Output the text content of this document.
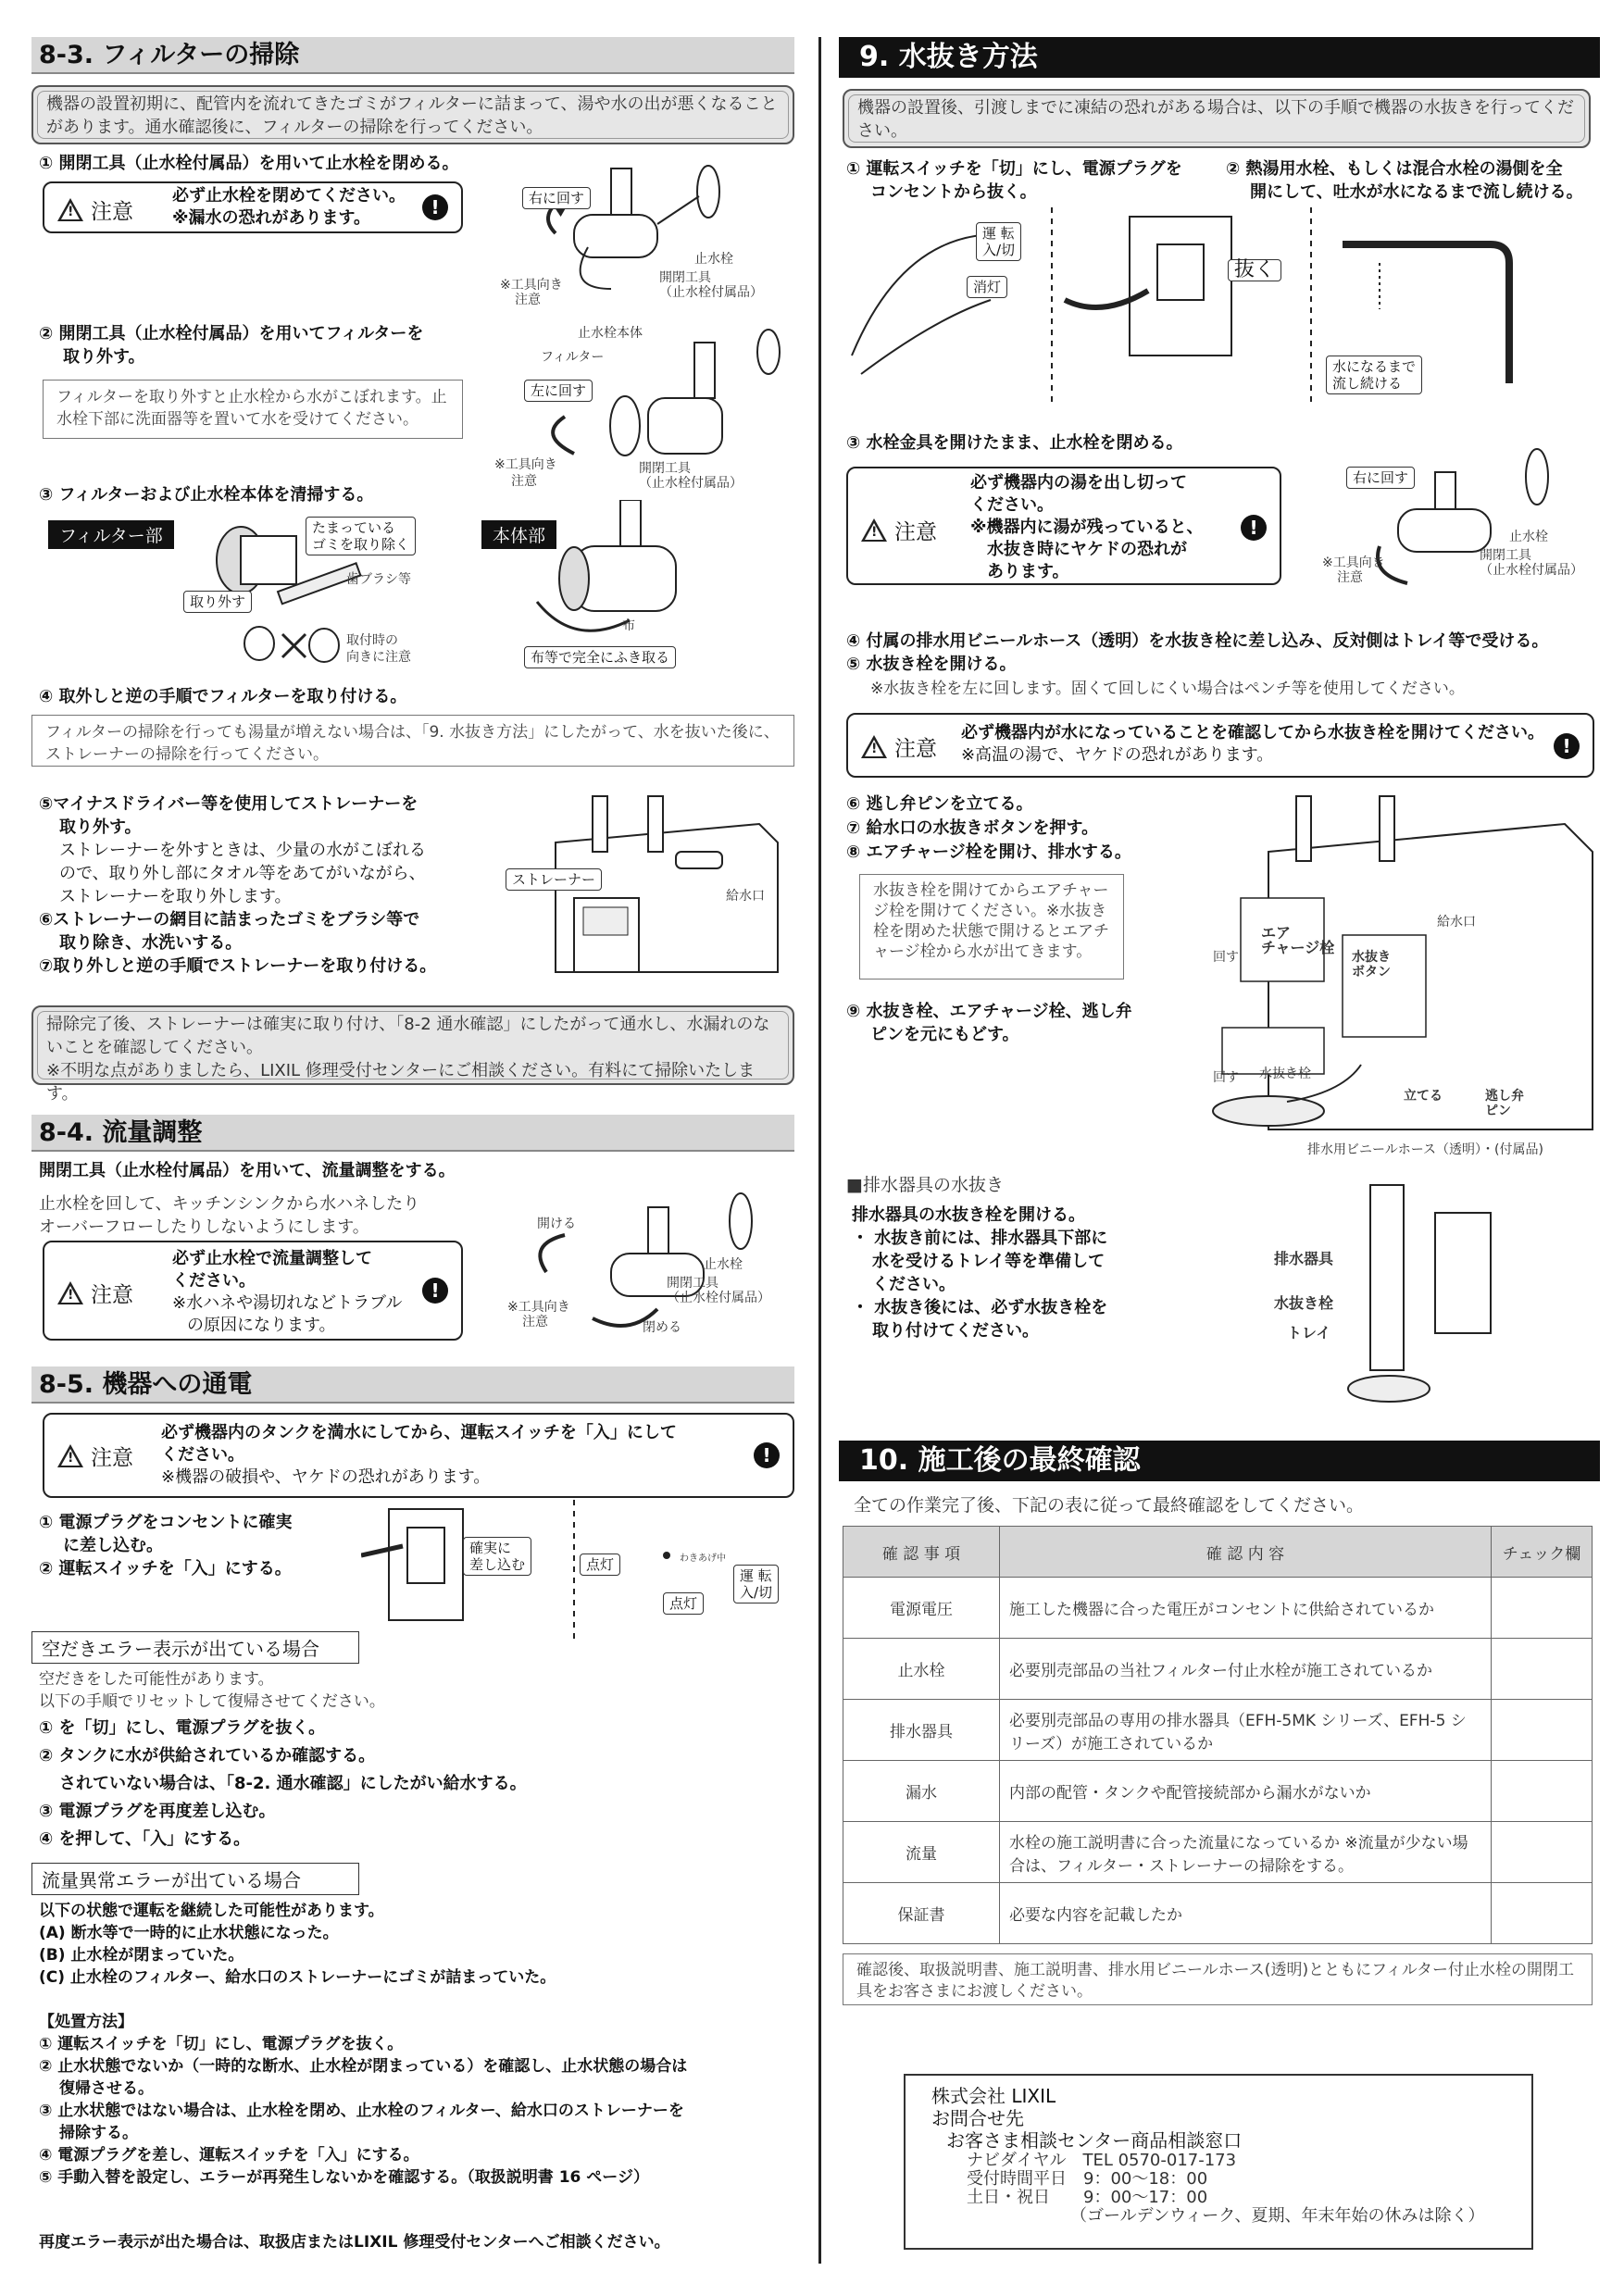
8-3. フィルターの掃除
機器の設置初期に、配管内を流れてきたゴミがフィルターに詰まって、湯や水の出が悪くなることがあります。通水確認後に、フィルターの掃除を行ってください。
① 開閉工具（止水栓付属品）を用いて止水栓を閉める。
!
注意
必ず止水栓を閉めてください。
※漏水の恐れがあります。	!	右に回す
止水栓
開閉工具
（止水栓付属品）
※工具向き
注意
② 開閉工具（止水栓付属品）を用いてフィルターを
取り外す。
フィルターを取り外すと止水栓から水がこぼれます。止水栓下部に洗面器等を置いて水を受けてください。
止水栓本体
フィルター
左に回す
※工具向き
注意
開閉工具
（止水栓付属品）
③ フィルターおよび止水栓本体を清掃する。
フィルター部	本体部
たまっている
ゴミを取り除く
歯ブラシ等
取り外す
取付時の
向きに注意
布
布等で完全にふき取る
④ 取外しと逆の手順でフィルターを取り付ける。
フィルターの掃除を行っても湯量が増えない場合は、「9. 水抜き方法」にしたがって、水を抜いた後に、ストレーナーの掃除を行ってください。
⑤マイナスドライバー等を使用してストレーナーを
取り外す。
ストレーナーを外すときは、少量の水がこぼれる
ので、取り外し部にタオル等をあてがいながら、
ストレーナーを取り外します。
⑥ストレーナーの網目に詰まったゴミをブラシ等で
取り除き、水洗いする。
⑦取り外しと逆の手順でストレーナーを取り付ける。
ストレーナー
給水口
掃除完了後、ストレーナーは確実に取り付け、「8-2 通水確認」にしたがって通水し、水漏れのないことを確認してください。
※不明な点がありましたら、LIXIL 修理受付センターにご相談ください。有料にて掃除いたします。
8-4. 流量調整
開閉工具（止水栓付属品）を用いて、流量調整をする。
止水栓を回して、キッチンシンクから水ハネしたり
オーバーフローしたりしないようにします。
!
注意
必ず止水栓で流量調整して
ください。
※水ハネや湯切れなどトラブル
の原因になります。
!
開ける
止水栓
開閉工具
（止水栓付属品）
※工具向き
注意	閉める
8-5. 機器への通電
!
注意
必ず機器内のタンクを満水にしてから、運転スイッチを「入」にして
ください。
※機器の破損や、ヤケドの恐れがあります。
!
① 電源プラグをコンセントに確実
に差し込む。
② 運転スイッチを「入」にする。
確実に
差し込む	点灯	わきあげ中
運 転
入/切
点灯
空だきエラー表示が出ている場合
空だきをした可能性があります。
以下の手順でリセットして復帰させてください。
① を「切」にし、電源プラグを抜く。
② タンクに水が供給されているか確認する。
されていない場合は、「8-2. 通水確認」にしたがい給水する。
③ 電源プラグを再度差し込む。
④ を押して、「入」にする。
流量異常エラーが出ている場合
以下の状態で運転を継続した可能性があります。
(A) 断水等で一時的に止水状態になった。
(B) 止水栓が閉まっていた。
(C) 止水栓のフィルター、給水口のストレーナーにゴミが詰まっていた。
【処置方法】
① 運転スイッチを「切」にし、電源プラグを抜く。
② 止水状態でないか（一時的な断水、止水栓が閉まっている）を確認し、止水状態の場合は
復帰させる。
③ 止水状態ではない場合は、止水栓を閉め、止水栓のフィルター、給水口のストレーナーを
掃除する。
④ 電源プラグを差し、運転スイッチを「入」にする。
⑤ 手動入替を設定し、エラーが再発生しないかを確認する。（取扱説明書 16 ページ）
再度エラー表示が出た場合は、取扱店またはLIXIL 修理受付センターへご相談ください。
9. 水抜き方法
機器の設置後、引渡しまでに凍結の恐れがある場合は、以下の手順で機器の水抜きを行ってください。
① 運転スイッチを「切」にし、電源プラグを
コンセントから抜く。
② 熱湯用水栓、もしくは混合水栓の湯側を全
開にして、吐水が水になるまで流し続ける。
運 転
入/切
消灯
抜く
水になるまで
流し続ける
③ 水栓金具を開けたまま、止水栓を閉める。
!
注意
必ず機器内の湯を出し切って
ください。
※機器内に湯が残っていると、
水抜き時にヤケドの恐れが
あります。
!
右に回す
止水栓
開閉工具
（止水栓付属品）
※工具向き
注意
④ 付属の排水用ビニールホース（透明）を水抜き栓に差し込み、反対側はトレイ等で受ける。
⑤ 水抜き栓を開ける。
※水抜き栓を左に回します。固くて回しにくい場合はペンチ等を使用してください。
!
注意
必ず機器内が水になっていることを確認してから水抜き栓を開けてください。
※高温の湯で、ヤケドの恐れがあります。	!
⑥ 逃し弁ピンを立てる。
⑦ 給水口の水抜きボタンを押す。
⑧ エアチャージ栓を開け、排水する。
水抜き栓を開けてからエアチャージ栓を開けてください。※水抜き栓を閉めた状態で開けるとエアチャージ栓から水が出てきます。
⑨ 水抜き栓、エアチャージ栓、逃し弁
ピンを元にもどす。
エア
チャージ栓
回す
給水口
水抜き
ボタン
水抜き栓
回す
立てる	逃し弁
ピン
排水用ビニールホース（透明）・(付属品)
■排水器具の水抜き
排水器具の水抜き栓を開ける。
・ 水抜き前には、排水器具下部に
水を受けるトレイ等を準備して
ください。
・ 水抜き後には、必ず水抜き栓を
取り付けてください。
排水器具
水抜き栓
トレイ
10. 施工後の最終確認
全ての作業完了後、下記の表に従って最終確認をしてください。
確 認 事 項	確 認 内 容	チェック欄
電源電圧	施工した機器に合った電圧がコンセントに供給されているか	
止水栓	必要別売部品の当社フィルター付止水栓が施工されているか	
排水器具	必要別売部品の専用の排水器具（EFH-5MK シリーズ、EFH-5 シリーズ）が施工されているか	
漏水	内部の配管・タンクや配管接続部から漏水がないか	
流量	水栓の施工説明書に合った流量になっているか ※流量が少ない場合は、フィルター・ストレーナーの掃除をする。	
保証書	必要な内容を記載したか	
確認後、取扱説明書、施工説明書、排水用ビニールホース(透明)とともにフィルター付止水栓の開閉工具をお客さまにお渡しください。
株式会社 LIXIL
お問合せ先
お客さま相談センター商品相談窓口
ナビダイヤル　TEL 0570-017-173
受付時間平日　9：00～18：00
土日・祝日　　9：00～17：00
（ゴールデンウィーク、夏期、年末年始の休みは除く）
